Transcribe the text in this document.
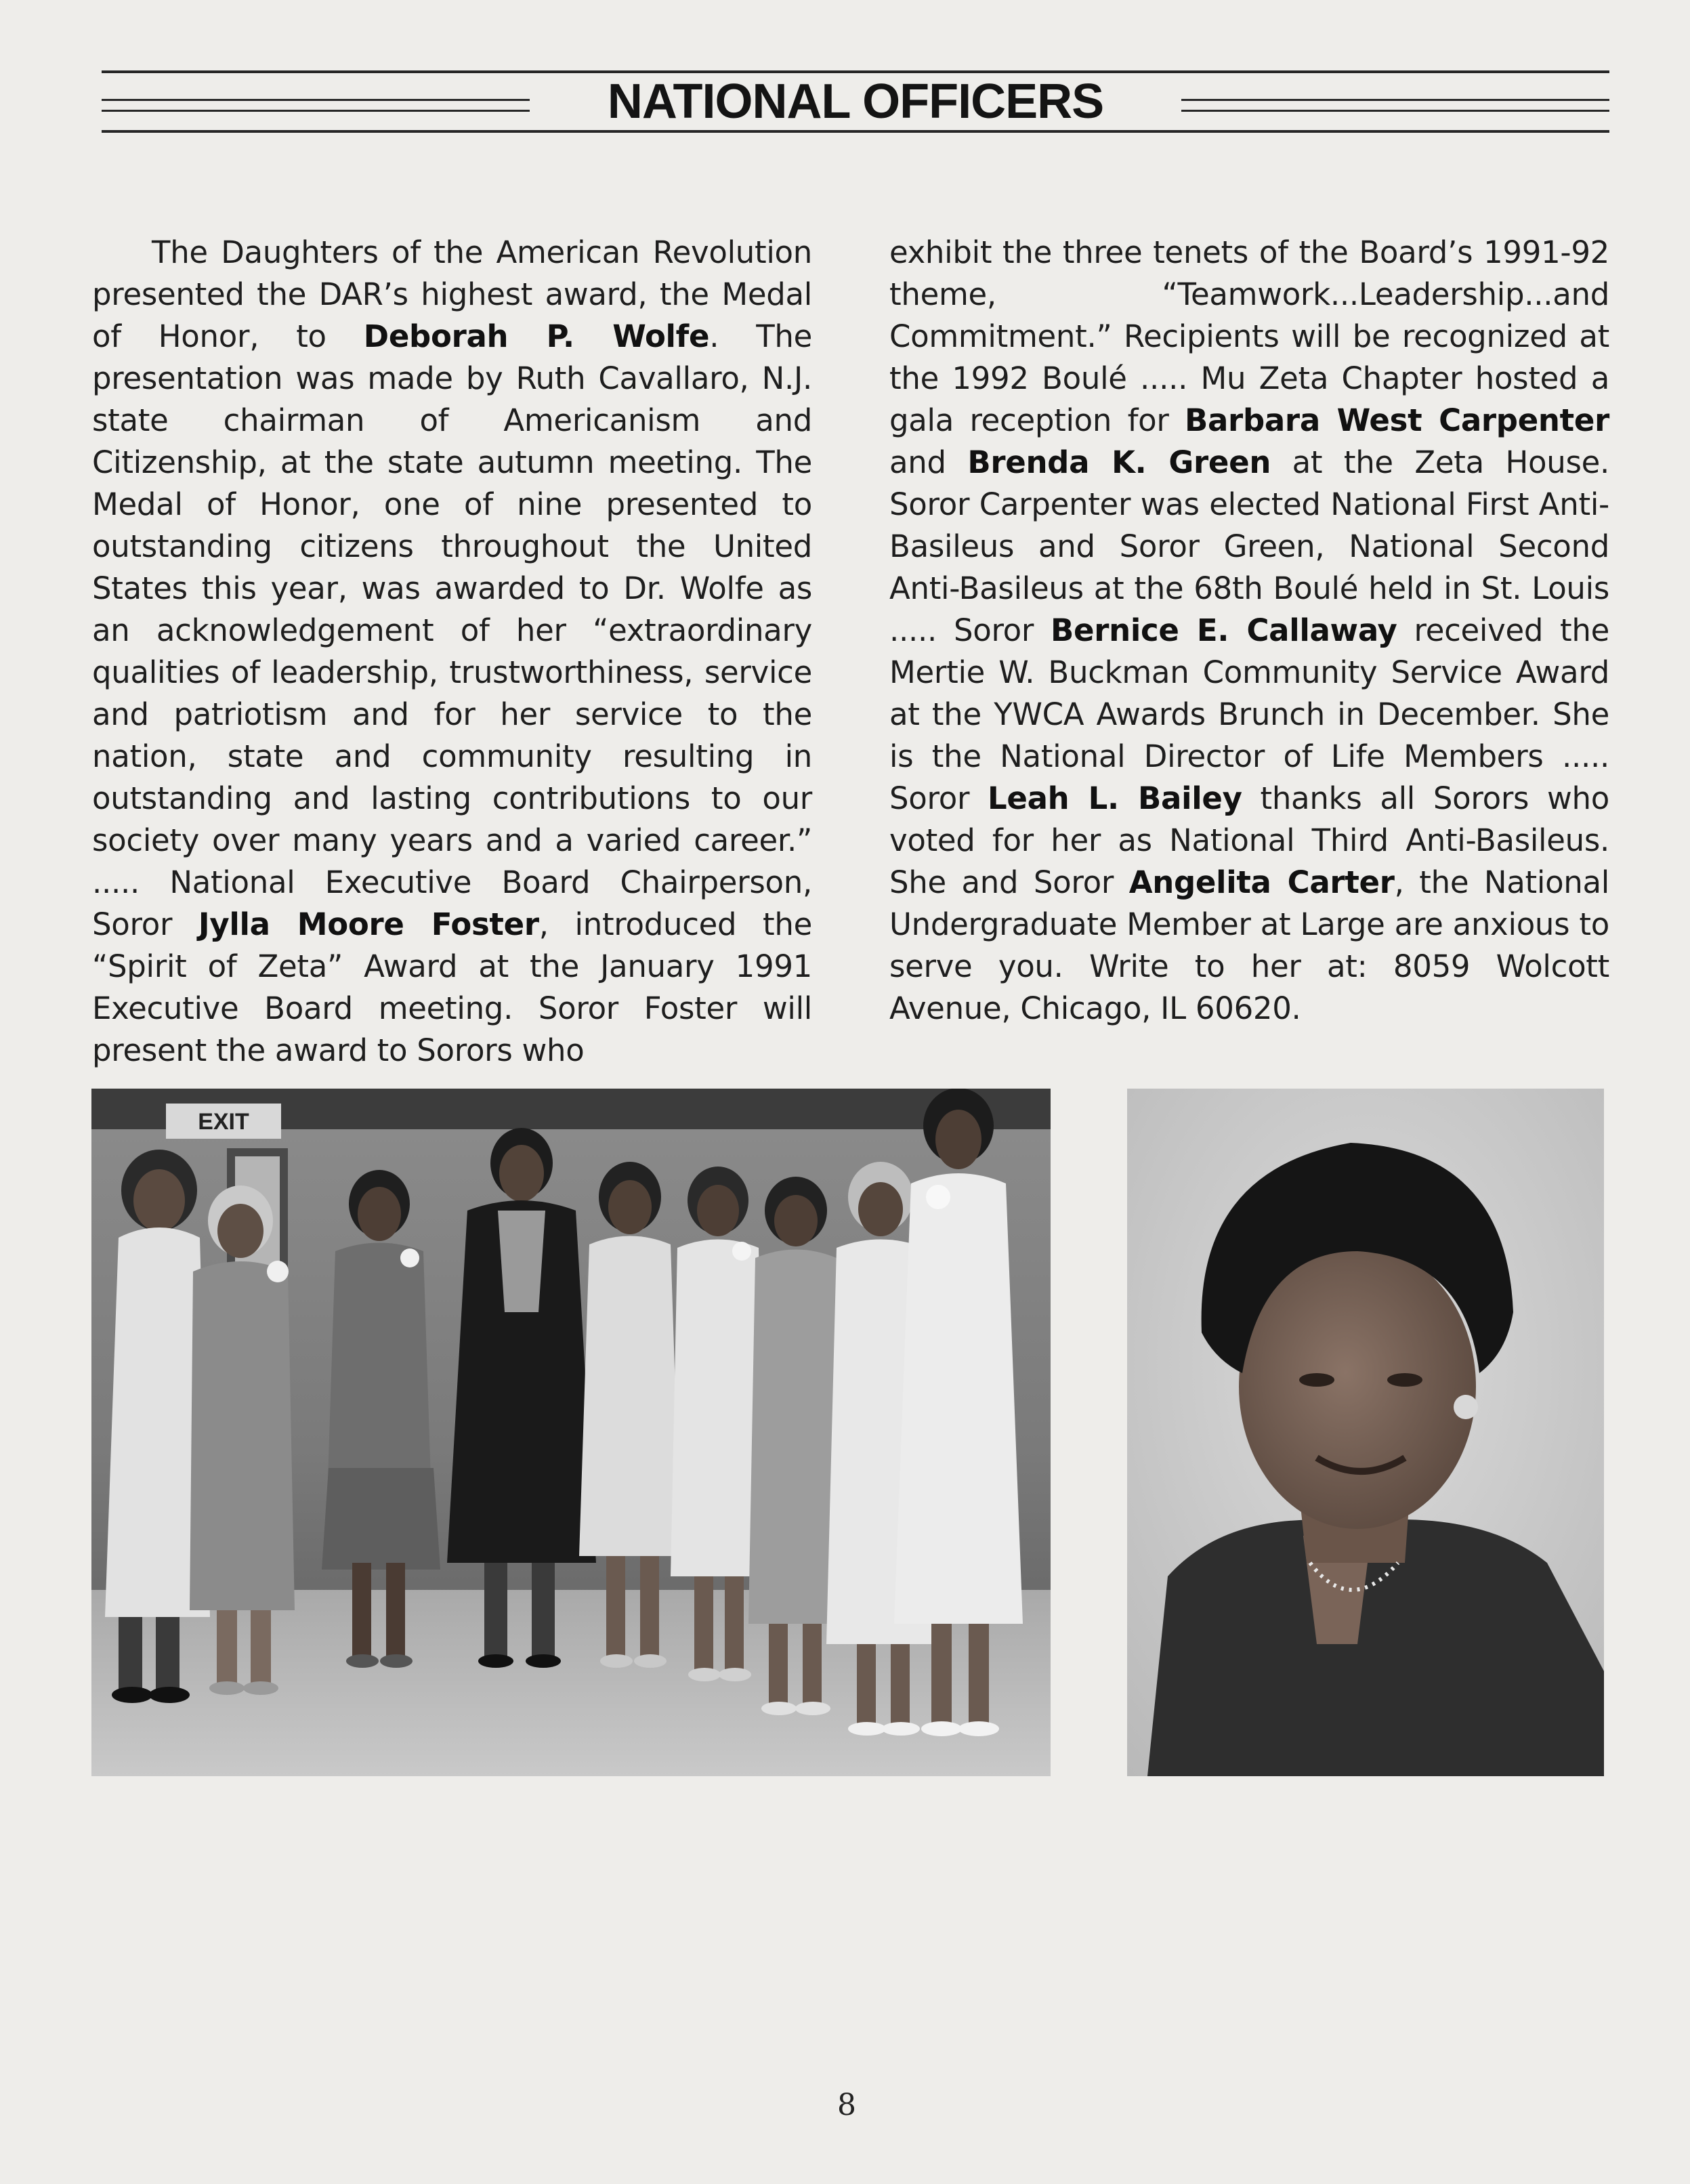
NATIONAL OFFICERS

The Daughters of the American Revolution presented the DAR’s highest award, the Medal of Honor, to Deborah P. Wolfe. The presentation was made by Ruth Cavallaro, N.J. state chairman of Americanism and Citizenship, at the state autumn meeting. The Medal of Honor, one of nine presented to outstanding citizens throughout the United States this year, was awarded to Dr. Wolfe as an acknowledgement of her “extraordinary qualities of leadership, trustworthiness, service and patriotism and for her service to the nation, state and community resulting in outstanding and lasting contributions to our society over many years and a varied career.” ..... National Executive Board Chairperson, Soror Jylla Moore Foster, introduced the “Spirit of Zeta” Award at the January 1991 Executive Board meeting. Soror Foster will present the award to Sorors who

exhibit the three tenets of the Board’s 1991-92 theme, “Teamwork...Leadership...and Commitment.” Recipients will be recognized at the 1992 Boulé ..... Mu Zeta Chapter hosted a gala reception for Barbara West Carpenter and Brenda K. Green at the Zeta House. Soror Carpenter was elected National First Anti-Basileus and Soror Green, National Second Anti-Basileus at the 68th Boulé held in St. Louis ..... Soror Bernice E. Callaway received the Mertie W. Buckman Community Service Award at the YWCA Awards Brunch in December. She is the National Director of Life Members ..... Soror Leah L. Bailey thanks all Sorors who voted for her as National Third Anti-Basileus. She and Soror Angelita Carter, the National Undergraduate Member at Large are anxious to serve you. Write to her at: 8059 Wolcott Avenue, Chicago, IL 60620.

EXIT
8
